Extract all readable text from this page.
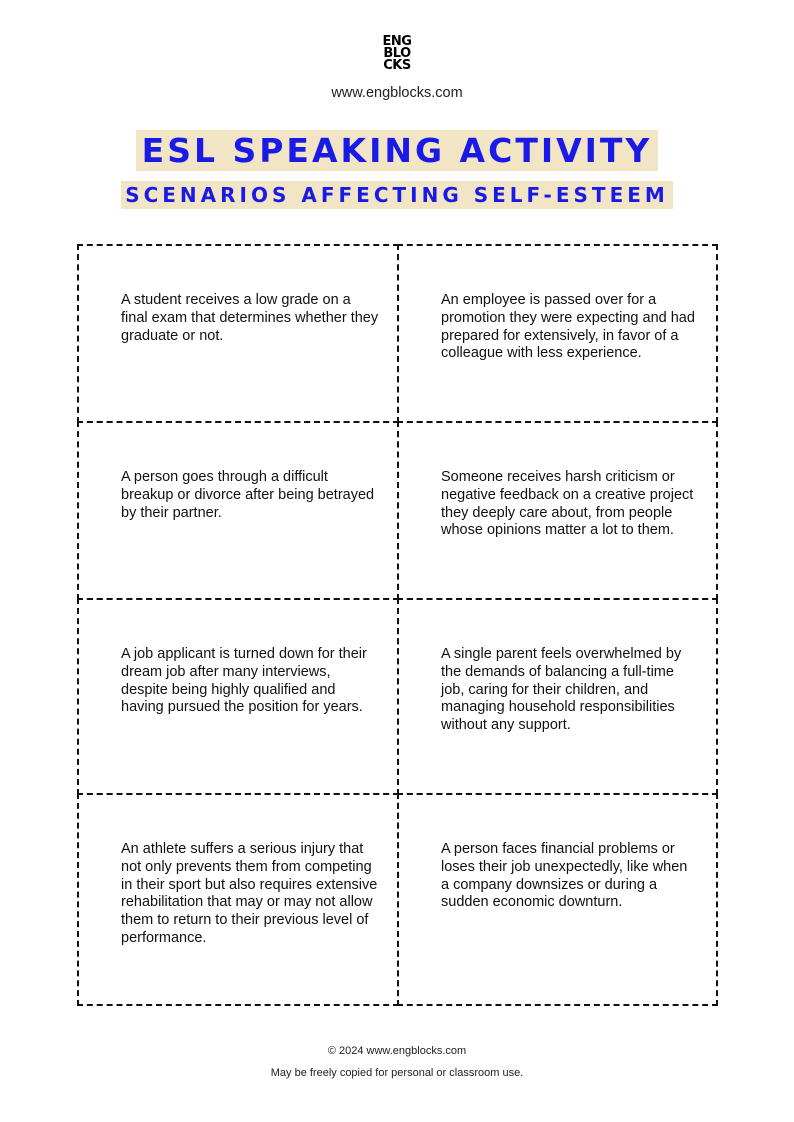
ENG
BLO
CKS
www.engblocks.com
ESL SPEAKING ACTIVITY
SCENARIOS AFFECTING SELF-ESTEEM
A student receives a low grade on a final exam that determines whether they graduate or not.
An employee is passed over for a promotion they were expecting and had prepared for extensively, in favor of a colleague with less experience.
A person goes through a difficult breakup or divorce after being betrayed by their partner.
Someone receives harsh criticism or negative feedback on a creative project they deeply care about, from people whose opinions matter a lot to them.
A job applicant is turned down for their dream job after many interviews, despite being highly qualified and having pursued the position for years.
A single parent feels overwhelmed by the demands of balancing a full-time job, caring for their children, and managing household responsibilities without any support.
An athlete suffers a serious injury that not only prevents them from competing in their sport but also requires extensive rehabilitation that may or may not allow them to return to their previous level of performance.
A person faces financial problems or loses their job unexpectedly, like when a company downsizes or during a sudden economic downturn.
© 2024 www.engblocks.com
May be freely copied for personal or classroom use.
